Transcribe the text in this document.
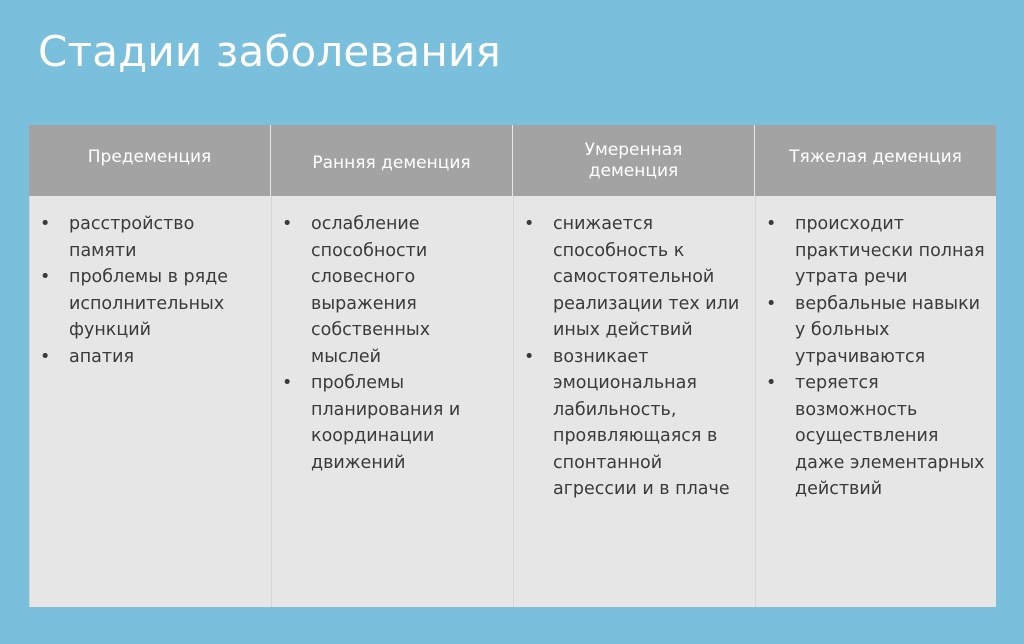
Стадии заболевания
Предеменция	Ранняя деменция
Умеренная деменция
Тяжелая деменция
• расстройство памяти
• проблемы в ряде исполнительных функций
• апатия
• ослабление способности словесного выражения собственных мыслей
• проблемы планирования и координации движений
• снижается способность к самостоятельной реализации тех или иных действий
• возникает эмоциональная лабильность, проявляющаяся в спонтанной агрессии и в плаче
• происходит практически полная утрата речи
• вербальные навыки у больных утрачиваются
• теряется возможность осуществления даже элементарных действий
